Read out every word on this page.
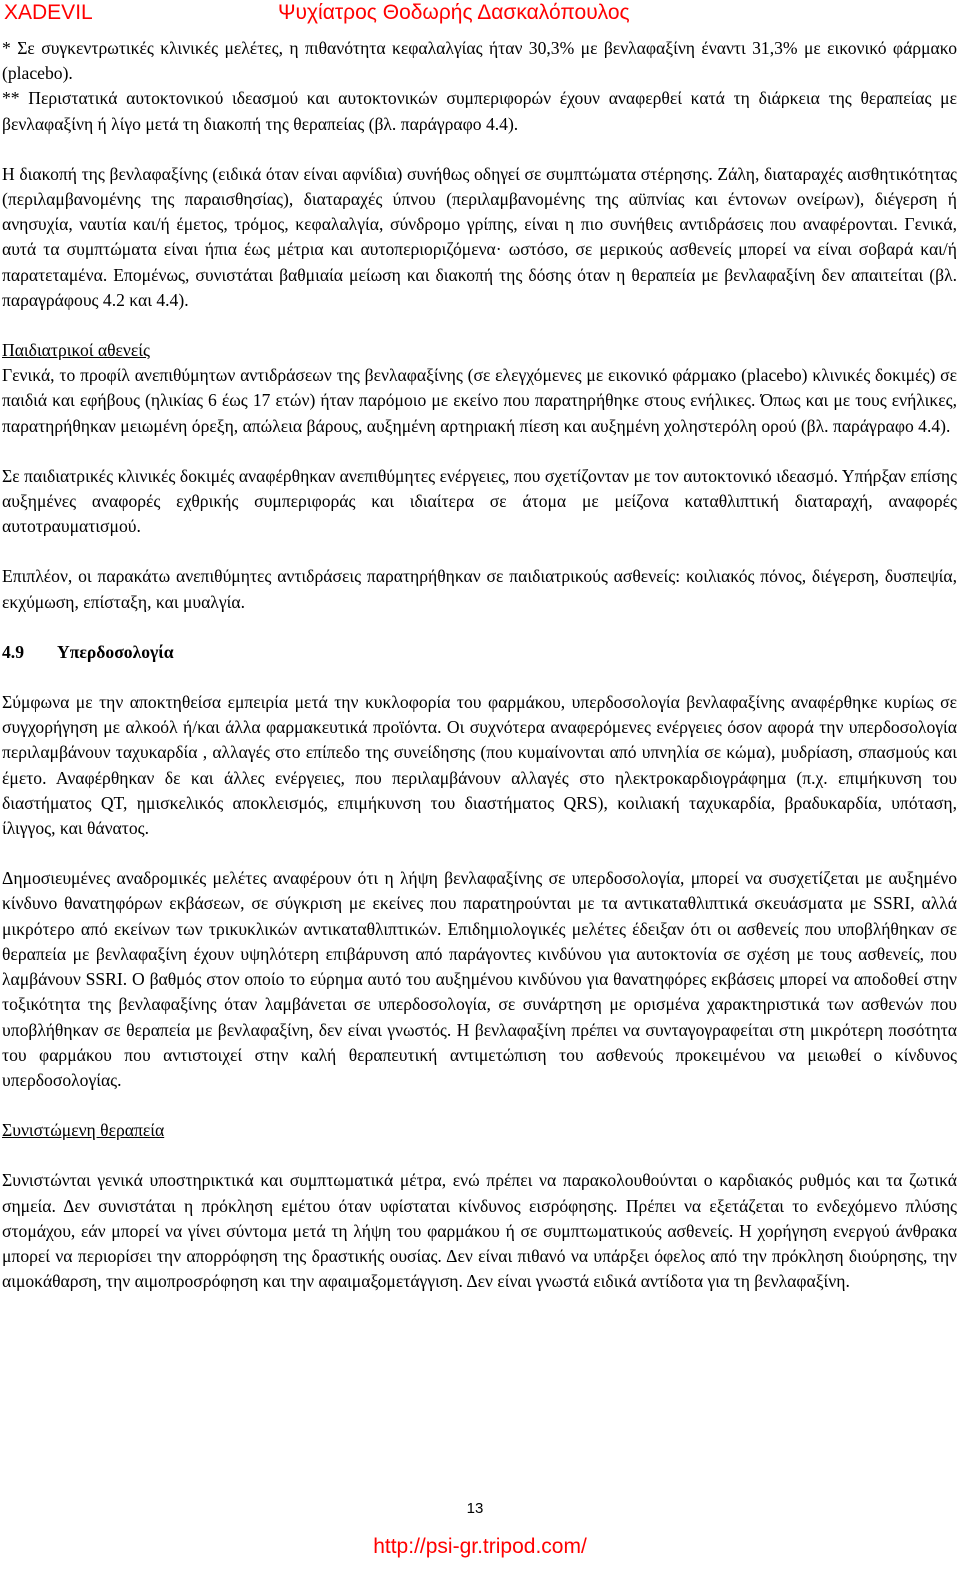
XADEVIL	Ψυχίατρος Θοδωρής Δασκαλόπουλος

* Σε συγκεντρωτικές κλινικές μελέτες, η πιθανότητα κεφαλαλγίας ήταν 30,3% με βενλαφαξίνη έναντι 31,3% με εικονικό φάρμακο (placebo).

** Περιστατικά αυτοκτονικού ιδεασμού και αυτοκτονικών συμπεριφορών έχουν αναφερθεί κατά τη διάρκεια της θεραπείας με βενλαφαξίνη ή λίγο μετά τη διακοπή της θεραπείας (βλ. παράγραφο 4.4).

Η διακοπή της βενλαφαξίνης (ειδικά όταν είναι αφνίδια) συνήθως οδηγεί σε συμπτώματα στέρησης. Ζάλη, διαταραχές αισθητικότητας (περιλαμβανομένης της παραισθησίας), διαταραχές ύπνου (περιλαμβανομένης της αϋπνίας και έντονων ονείρων), διέγερση ή ανησυχία, ναυτία και/ή έμετος, τρόμος, κεφαλαλγία, σύνδρομο γρίπης, είναι η πιο συνήθεις αντιδράσεις που αναφέρονται. Γενικά, αυτά τα συμπτώματα είναι ήπια έως μέτρια και αυτοπεριοριζόμενα· ωστόσο, σε μερικούς ασθενείς μπορεί να είναι σοβαρά και/ή παρατεταμένα. Επομένως, συνιστάται βαθμιαία μείωση και διακοπή της δόσης όταν η θεραπεία με βενλαφαξίνη δεν απαιτείται (βλ. παραγράφους 4.2 και 4.4).

Παιδιατρικοί αθενείς

Γενικά, το προφίλ ανεπιθύμητων αντιδράσεων της βενλαφαξίνης (σε ελεγχόμενες με εικονικό φάρμακο (placebo) κλινικές δοκιμές) σε παιδιά και εφήβους (ηλικίας 6 έως 17 ετών) ήταν παρόμοιο με εκείνο που παρατηρήθηκε στους ενήλικες. Όπως και με τους ενήλικες, παρατηρήθηκαν μειωμένη όρεξη, απώλεια βάρους, αυξημένη αρτηριακή πίεση και αυξημένη χοληστερόλη ορού (βλ. παράγραφο 4.4).

Σε παιδιατρικές κλινικές δοκιμές αναφέρθηκαν ανεπιθύμητες ενέργειες, που σχετίζονταν με τον αυτοκτονικό ιδεασμό. Υπήρξαν επίσης αυξημένες αναφορές εχθρικής συμπεριφοράς και ιδιαίτερα σε άτομα με μείζονα καταθλιπτική διαταραχή, αναφορές αυτοτραυματισμού.

Επιπλέον, οι παρακάτω ανεπιθύμητες αντιδράσεις παρατηρήθηκαν σε παιδιατρικούς ασθενείς: κοιλιακός πόνος, διέγερση, δυσπεψία, εκχύμωση, επίσταξη, και μυαλγία.

4.9 Υπερδοσολογία

Σύμφωνα με την αποκτηθείσα εμπειρία μετά την κυκλοφορία του φαρμάκου, υπερδοσολογία βενλαφαξίνης αναφέρθηκε κυρίως σε συγχορήγηση με αλκοόλ ή/και άλλα φαρμακευτικά προϊόντα. Οι συχνότερα αναφερόμενες ενέργειες όσον αφορά την υπερδοσολογία περιλαμβάνουν ταχυκαρδία , αλλαγές στο επίπεδο της συνείδησης (που κυμαίνονται από υπνηλία σε κώμα), μυδρίαση, σπασμούς και έμετο. Αναφέρθηκαν δε και άλλες ενέργειες, που περιλαμβάνουν αλλαγές στο ηλεκτροκαρδιογράφημα (π.χ. επιμήκυνση του διαστήματος QT, ημισκελικός αποκλεισμός, επιμήκυνση του διαστήματος QRS), κοιλιακή ταχυκαρδία, βραδυκαρδία, υπόταση, ίλιγγος, και θάνατος.

Δημοσιευμένες αναδρομικές μελέτες αναφέρουν ότι η λήψη βενλαφαξίνης σε υπερδοσολογία, μπορεί να συσχετίζεται με αυξημένο κίνδυνο θανατηφόρων εκβάσεων, σε σύγκριση με εκείνες που παρατηρούνται με τα αντικαταθλιπτικά σκευάσματα με SSRI, αλλά μικρότερο από εκείνων των τρικυκλικών αντικαταθλιπτικών. Επιδημιολογικές μελέτες έδειξαν ότι οι ασθενείς που υποβλήθηκαν σε θεραπεία με βενλαφαξίνη έχουν υψηλότερη επιβάρυνση από παράγοντες κινδύνου για αυτοκτονία σε σχέση με τους ασθενείς, που λαμβάνουν SSRI. Ο βαθμός στον οποίο το εύρημα αυτό του αυξημένου κινδύνου για θανατηφόρες εκβάσεις μπορεί να αποδοθεί στην τοξικότητα της βενλαφαξίνης όταν λαμβάνεται σε υπερδοσολογία, σε συνάρτηση με ορισμένα χαρακτηριστικά των ασθενών που υποβλήθηκαν σε θεραπεία με βενλαφαξίνη, δεν είναι γνωστός. Η βενλαφαξίνη πρέπει να συνταγογραφείται στη μικρότερη ποσότητα του φαρμάκου που αντιστοιχεί στην καλή θεραπευτική αντιμετώπιση του ασθενούς προκειμένου να μειωθεί ο κίνδυνος υπερδοσολογίας.

Συνιστώμενη θεραπεία

Συνιστώνται γενικά υποστηρικτικά και συμπτωματικά μέτρα, ενώ πρέπει να παρακολουθούνται ο καρδιακός ρυθμός και τα ζωτικά σημεία. Δεν συνιστάται η πρόκληση εμέτου όταν υφίσταται κίνδυνος εισρόφησης. Πρέπει να εξετάζεται το ενδεχόμενο πλύσης στομάχου, εάν μπορεί να γίνει σύντομα μετά τη λήψη του φαρμάκου ή σε συμπτωματικούς ασθενείς. Η χορήγηση ενεργού άνθρακα μπορεί να περιορίσει την απορρόφηση της δραστικής ουσίας. Δεν είναι πιθανό να υπάρξει όφελος από την πρόκληση διούρησης, την αιμοκάθαρση, την αιμοπροσρόφηση και την αφαιμαξομετάγγιση. Δεν είναι γνωστά ειδικά αντίδοτα για τη βενλαφαξίνη.

13
http://psi-gr.tripod.com/
